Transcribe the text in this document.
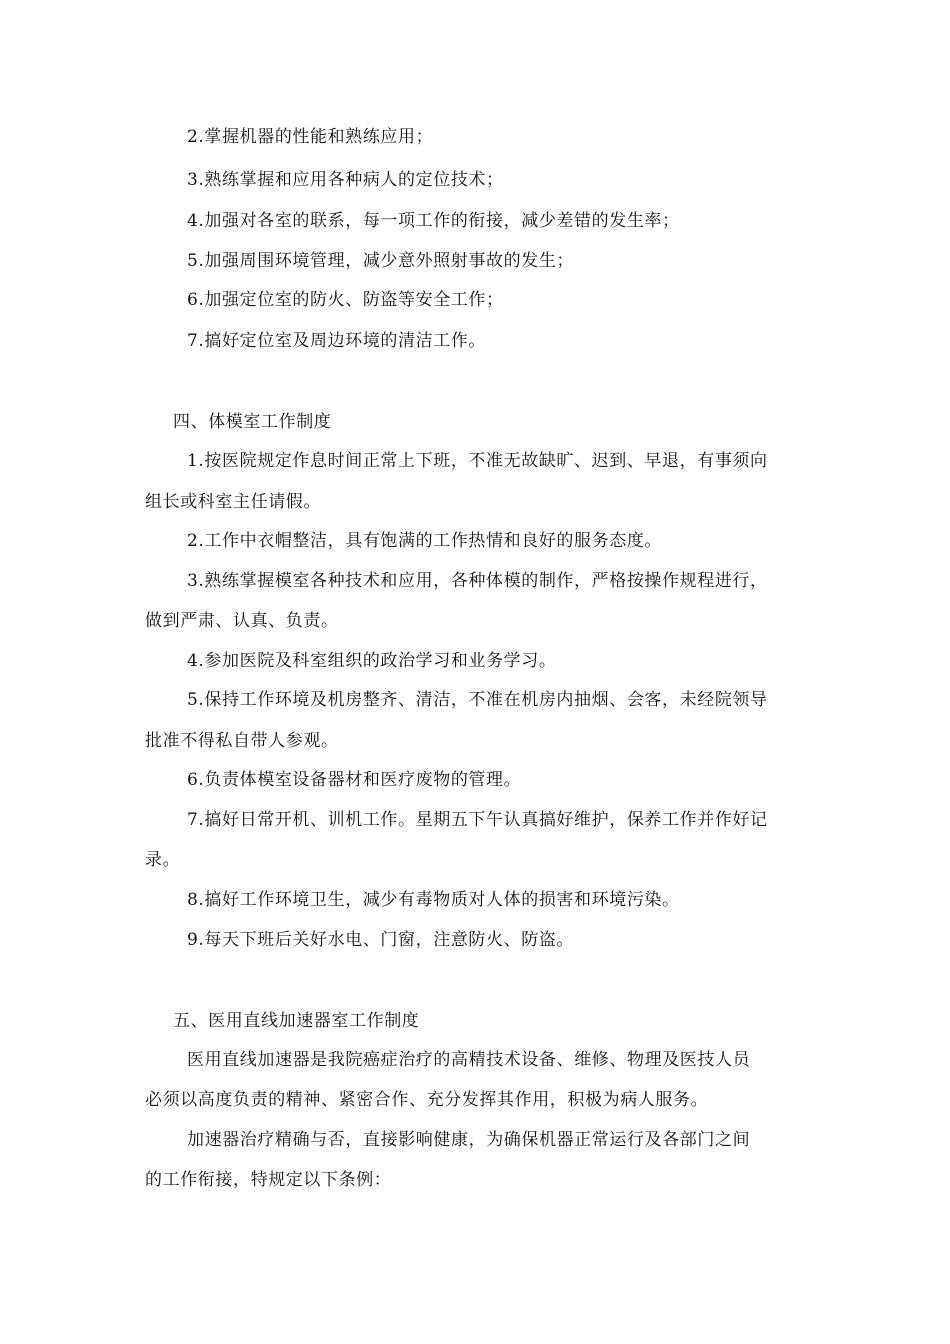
2.掌握机器的性能和熟练应用；
3.熟练掌握和应用各种病人的定位技术；
4.加强对各室的联系，每一项工作的衔接，减少差错的发生率；
5.加强周围环境管理，减少意外照射事故的发生；
6.加强定位室的防火、防盗等安全工作；
7.搞好定位室及周边环境的清洁工作。
四、体模室工作制度
1.按医院规定作息时间正常上下班，不准无故缺旷、迟到、早退，有事须向
组长或科室主任请假。
2.工作中衣帽整洁，具有饱满的工作热情和良好的服务态度。
3.熟练掌握模室各种技术和应用，各种体模的制作，严格按操作规程进行，
做到严肃、认真、负责。
4.参加医院及科室组织的政治学习和业务学习。
5.保持工作环境及机房整齐、清洁，不准在机房内抽烟、会客，未经院领导
批准不得私自带人参观。
6.负责体模室设备器材和医疗废物的管理。
7.搞好日常开机、训机工作。星期五下午认真搞好维护，保养工作并作好记
录。
8.搞好工作环境卫生，减少有毒物质对人体的损害和环境污染。
9.每天下班后关好水电、门窗，注意防火、防盗。
五、医用直线加速器室工作制度
医用直线加速器是我院癌症治疗的高精技术设备、维修、物理及医技人员
必须以高度负责的精神、紧密合作、充分发挥其作用，积极为病人服务。
加速器治疗精确与否，直接影响健康，为确保机器正常运行及各部门之间
的工作衔接，特规定以下条例：
